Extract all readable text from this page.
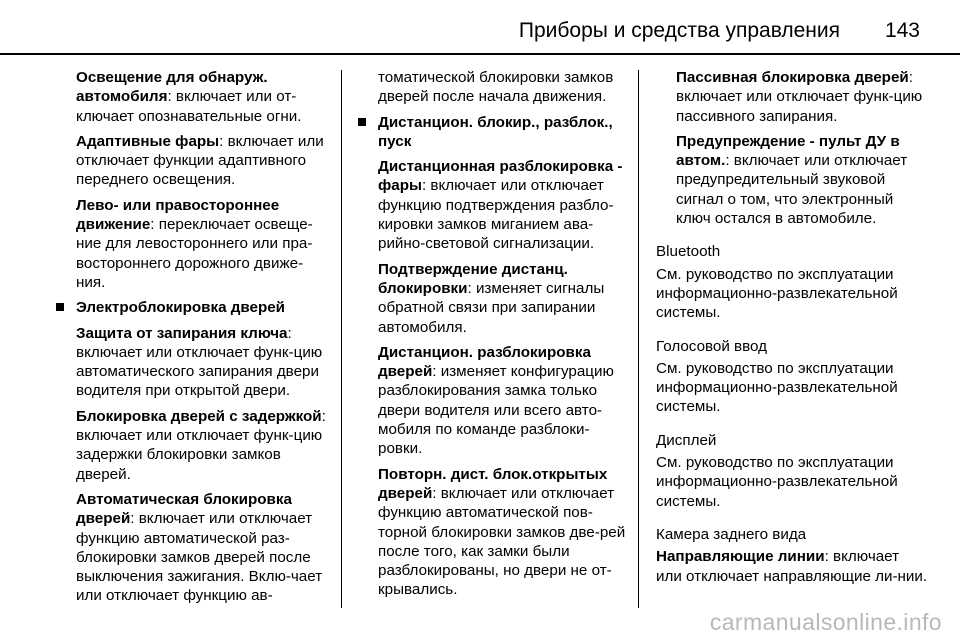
Приборы и средства управления 143

Освещение для обнаруж. автомобиля: включает или от-ключает опознавательные огни.

Адаптивные фары: включает или отключает функции адаптивного переднего освещения.

Лево- или правостороннее движение: переключает освеще-ние для левостороннего или пра-востороннего дорожного движе-ния.

Электроблокировка дверей

Защита от запирания ключа: включает или отключает функ-цию автоматического запирания двери водителя при открытой двери.

Блокировка дверей с задержкой: включает или отключает функ-цию задержки блокировки замков дверей.

Автоматическая блокировка дверей: включает или отключает функцию автоматической раз-блокировки замков дверей после выключения зажигания. Вклю-чает или отключает функцию ав-

томатической блокировки замков дверей после начала движения.

Дистанцион. блокир., разблок., пуск

Дистанционная разблокировка - фары: включает или отключает функцию подтверждения разбло-кировки замков миганием ава-рийно-световой сигнализации.

Подтверждение дистанц. блокировки: изменяет сигналы обратной связи при запирании автомобиля.

Дистанцион. разблокировка дверей: изменяет конфигурацию разблокирования замка только двери водителя или всего авто-мобиля по команде разблоки-ровки.

Повторн. дист. блок.открытых дверей: включает или отключает функцию автоматической пов-торной блокировки замков две-рей после того, как замки были разблокированы, но двери не от-крывались.

Пассивная блокировка дверей: включает или отключает функ-цию пассивного запирания.

Предупреждение - пульт ДУ в автом.: включает или отключает предупредительный звуковой сигнал о том, что электронный ключ остался в автомобиле.

Bluetooth

См. руководство по эксплуатации информационно-развлекательной системы.

Голосовой ввод

См. руководство по эксплуатации информационно-развлекательной системы.

Дисплей

См. руководство по эксплуатации информационно-развлекательной системы.

Камера заднего вида

Направляющие линии: включает или отключает направляющие ли-нии.

carmanualsonline.info
